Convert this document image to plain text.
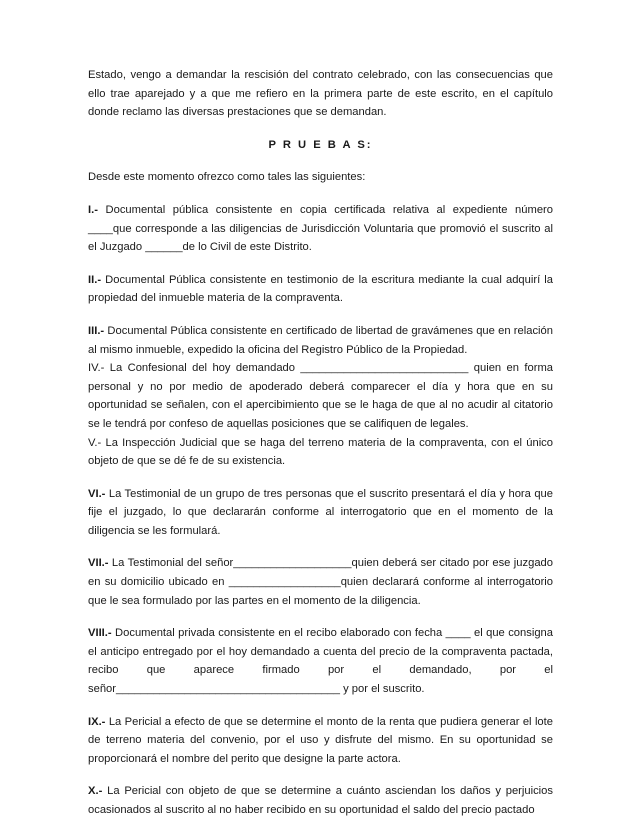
Estado, vengo a demandar la rescisión del contrato celebrado, con las consecuencias que ello trae aparejado y a que me refiero en la primera parte de este escrito, en el capítulo donde reclamo las diversas prestaciones que se demandan.

P R U E B A S:

Desde este momento ofrezco como tales las siguientes:

I.- Documental pública consistente en copia certificada relativa al expediente número ____que corresponde a las diligencias de Jurisdicción Voluntaria que promovió el suscrito al el Juzgado ______de lo Civil de este Distrito.

II.- Documental Pública consistente en testimonio de la escritura mediante la cual adquirí la propiedad del inmueble materia de la compraventa.

III.- Documental Pública consistente en certificado de libertad de gravámenes que en relación al mismo inmueble, expedido la oficina del Registro Público de la Propiedad.

IV.- La Confesional del hoy demandado ___________________________ quien en forma personal y no por medio de apoderado deberá comparecer el día y hora que en su oportunidad se señalen, con el apercibimiento que se le haga de que al no acudir al citatorio se le tendrá por confeso de aquellas posiciones que se califiquen de legales.

V.- La Inspección Judicial que se haga del terreno materia de la compraventa, con el único objeto de que se dé fe de su existencia.

VI.- La Testimonial de un grupo de tres personas que el suscrito presentará el día y hora que fije el juzgado, lo que declararán conforme al interrogatorio que en el momento de la diligencia se les formulará.

VII.- La Testimonial del señor___________________quien deberá ser citado por ese juzgado en su domicilio ubicado en __________________quien declarará conforme al interrogatorio que le sea formulado por las partes en el momento de la diligencia.

VIII.- Documental privada consistente en el recibo elaborado con fecha ____ el que consigna el anticipo entregado por el hoy demandado a cuenta del precio de la compraventa pactada, recibo que aparece firmado por el demandado, por el señor____________________________________ y por el suscrito.

IX.- La Pericial a efecto de que se determine el monto de la renta que pudiera generar el lote de terreno materia del convenio, por el uso y disfrute del mismo. En su oportunidad se proporcionará el nombre del perito que designe la parte actora.

X.- La Pericial con objeto de que se determine a cuánto asciendan los daños y perjuicios ocasionados al suscrito al no haber recibido en su oportunidad el saldo del precio pactado
